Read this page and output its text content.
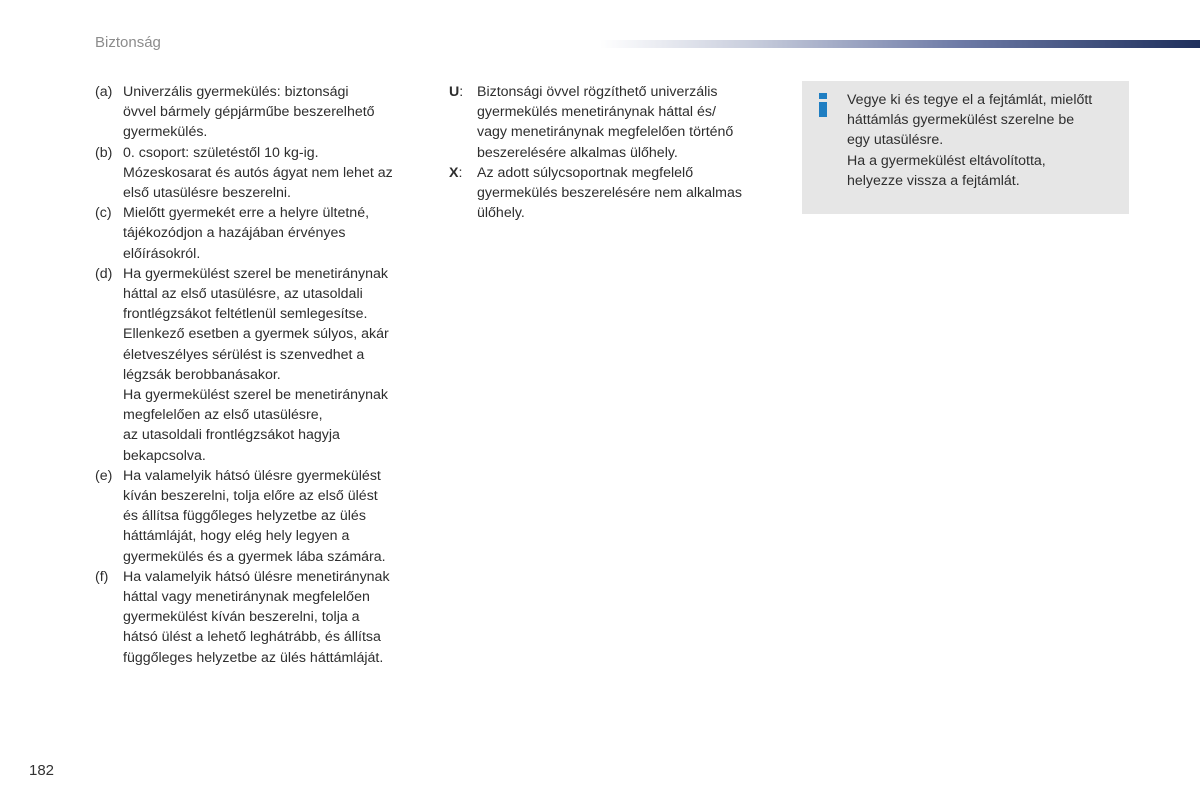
Biztonság
(a) Univerzális gyermekülés: biztonsági
övvel bármely gépjárműbe beszerelhető
gyermekülés.
(b) 0. csoport: születéstől 10 kg-ig.
Mózeskosarat és autós ágyat nem lehet az
első utasülésre beszerelni.
(c) Mielőtt gyermekét erre a helyre ültetné,
tájékozódjon a hazájában érvényes
előírásokról.
(d) Ha gyermekülést szerel be menetiránynak
háttal az első utasülésre, az utasoldali
frontlégzsákot feltétlenül semlegesítse.
Ellenkező esetben a gyermek súlyos, akár
életveszélyes sérülést is szenvedhet a
légzsák berobbanásakor.
Ha gyermekülést szerel be menetiránynak
megfelelően az első utasülésre,
az utasoldali frontlégzsákot hagyja
bekapcsolva.
(e) Ha valamelyik hátsó ülésre gyermekülést
kíván beszerelni, tolja előre az első ülést
és állítsa függőleges helyzetbe az ülés
háttámláját, hogy elég hely legyen a
gyermekülés és a gyermek lába számára.
(f)	Ha valamelyik hátsó ülésre menetiránynak
háttal vagy menetiránynak megfelelően
gyermekülést kíván beszerelni, tolja a
hátsó ülést a lehető leghátrább, és állítsa
függőleges helyzetbe az ülés háttámláját.
U: Biztonsági övvel rögzíthető univerzális
gyermekülés menetiránynak háttal és/
vagy menetiránynak megfelelően történő
beszerelésére alkalmas ülőhely.
X:	Az adott súlycsoportnak megfelelő
gyermekülés beszerelésére nem alkalmas
ülőhely.
Vegye ki és tegye el a fejtámlát, mielőtt
háttámlás gyermekülést szerelne be
egy utasülésre.
Ha a gyermekülést eltávolította,
helyezze vissza a fejtámlát.
182
